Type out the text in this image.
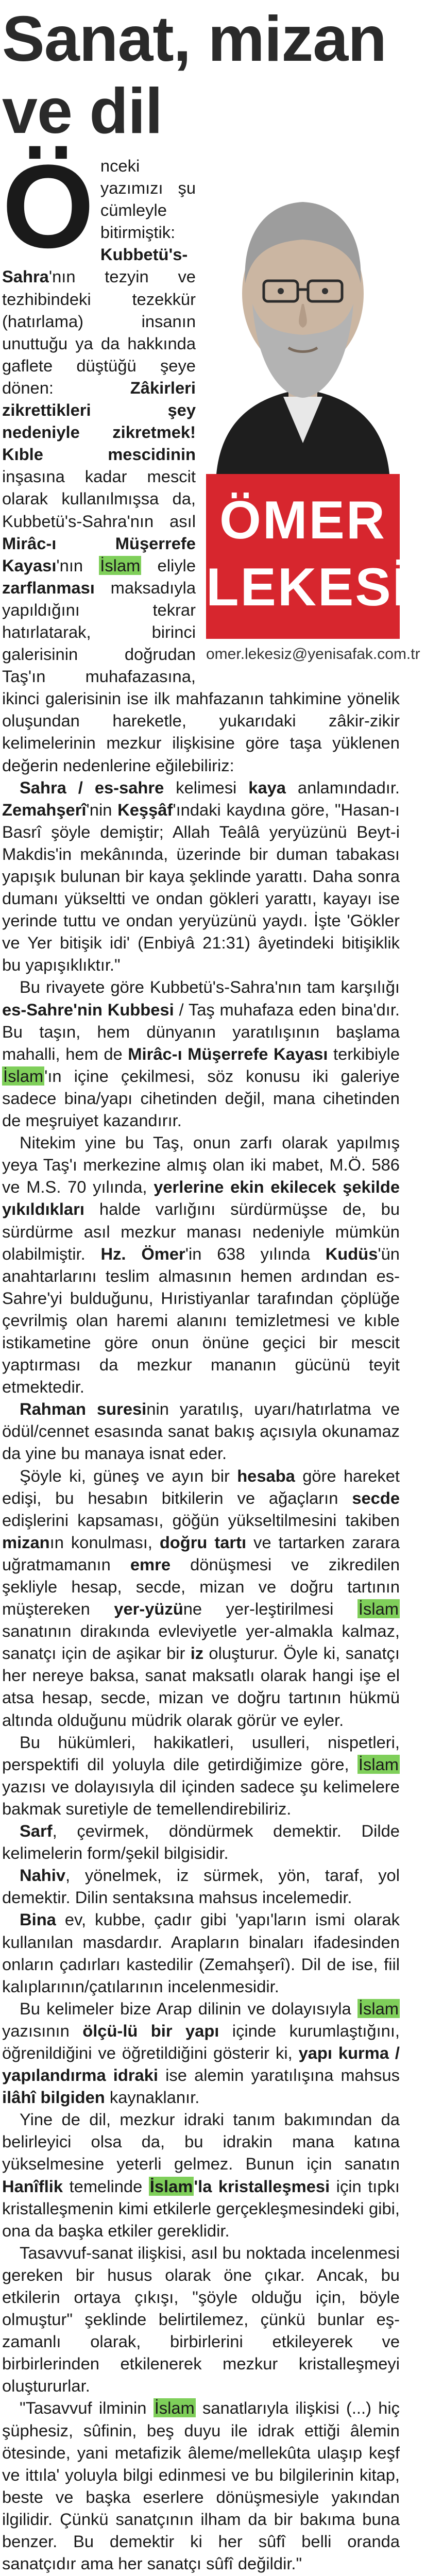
Sanat, mizan ve dil
ÖMER
LEKESİZ
omer.lekesiz@yenisafak.com.tr

Önceki yazımızı şu cümleyle bitirmiştik: Kubbetü's-Sahra'nın tezyin ve tezhibindeki tezekkür (hatırlama) insanın unuttuğu ya da hakkında gaflete düştüğü şeye dönen: Zâkirleri zikrettikleri şey nedeniyle zikretmek! Kıble mescidinin inşasına kadar mescit olarak kullanılmışsa da, Kubbetü's-Sahra'nın asıl Mirâc-ı Müşerrefe Kayası'nın İslam eliyle zarflanması maksadıyla yapıldığını tekrar hatırlatarak, birinci galerisinin doğrudan Taş'ın muhafazasına, ikinci galerisinin ise ilk mahfazanın tahkimine yönelik oluşundan hareketle, yukarıdaki zâkir-zikir kelimelerinin mezkur ilişkisine göre taşa yüklenen değerin nedenlerine eğilebiliriz:

Sahra / es-sahre kelimesi kaya anlamındadır. Zemahşerî'nin Keşşâf'ındaki kaydına göre, "Hasan-ı Basrî şöyle demiştir; Allah Teâlâ yeryüzünü Beyt-i Makdis'in mekânında, üzerinde bir duman tabakası yapışık bulunan bir kaya şeklinde yarattı. Daha sonra dumanı yükseltti ve ondan gökleri yarattı, kayayı ise yerinde tuttu ve ondan yeryüzünü yaydı. İşte 'Gökler ve Yer bitişik idi' (Enbiyâ 21:31) âyetindeki bitişiklik bu yapışıklıktır."

Bu rivayete göre Kubbetü's-Sahra'nın tam karşılığı es-Sahre'nin Kubbesi / Taş muhafaza eden bina'dır. Bu taşın, hem dünyanın yaratılışının başlama mahalli, hem de Mirâc-ı Müşerrefe Kayası terkibiyle İslam'ın içine çekilmesi, söz konusu iki galeriye sadece bina/yapı cihetinden değil, mana cihetinden de meşruiyet kazandırır.

Nitekim yine bu Taş, onun zarfı olarak yapılmış yeya Taş'ı merkezine almış olan iki mabet, M.Ö. 586 ve M.S. 70 yılında, yerlerine ekin ekilecek şekilde yıkıldıkları halde varlığını sürdürmüşse de, bu sürdürme asıl mezkur manası nedeniyle mümkün olabilmiştir. Hz. Ömer'in 638 yılında Kudüs'ün anahtarlarını teslim almasının hemen ardından es-Sahre'yi bulduğunu, Hıristiyanlar tarafından çöplüğe çevrilmiş olan haremi alanını temizletmesi ve kıble istikametine göre onun önüne geçici bir mescit yaptırması da mezkur mananın gücünü teyit etmektedir.

Rahman suresinin yaratılış, uyarı/hatırlatma ve ödül/cennet esasında sanat bakış açısıyla okunamaz da yine bu manaya isnat eder.

Şöyle ki, güneş ve ayın bir hesaba göre hareket edişi, bu hesabın bitkilerin ve ağaçların secde edişlerini kapsaması, göğün yükseltilmesini takiben mizanın konulması, doğru tartı ve tartarken zarara uğratmamanın emre dönüşmesi ve zikredilen şekliyle hesap, secde, mizan ve doğru tartının müştereken yer-yüzüne yer-leştirilmesi İslam sanatının dirakında evleviyetle yer-almakla kalmaz, sanatçı için de aşikar bir iz oluşturur. Öyle ki, sanatçı her nereye baksa, sanat maksatlı olarak hangi işe el atsa hesap, secde, mizan ve doğru tartının hükmü altında olduğunu müdrik olarak görür ve eyler.

Bu hükümleri, hakikatleri, usulleri, nispetleri, perspektifi dil yoluyla dile getirdiğimize göre, İslam yazısı ve dolayısıyla dil içinden sadece şu kelimelere bakmak suretiyle de temellendirebiliriz.

Sarf, çevirmek, döndürmek demektir. Dilde kelimelerin form/şekil bilgisidir.

Nahiv, yönelmek, iz sürmek, yön, taraf, yol demektir. Dilin sentaksına mahsus incelemedir.

Bina ev, kubbe, çadır gibi 'yapı'ların ismi olarak kullanılan masdardır. Arapların binaları ifadesinden onların çadırları kastedilir (Zemahşerî). Dil de ise, fiil kalıplarının/çatılarının incelenmesidir.

Bu kelimeler bize Arap dilinin ve dolayısıyla İslam yazısının ölçü-lü bir yapı içinde kurumlaştığını, öğrenildiğini ve öğretildiğini gösterir ki, yapı kurma / yapılandırma idraki ise alemin yaratılışına mahsus ilâhî bilgiden kaynaklanır.

Yine de dil, mezkur idraki tanım bakımından da belirleyici olsa da, bu idrakin mana katına yükselmesine yeterli gelmez. Bunun için sanatın Hanîflik temelinde İslam'la kristalleşmesi için tıpkı kristalleşmenin kimi etkilerle gerçekleşmesindeki gibi, ona da başka etkiler gereklidir.

Tasavvuf-sanat ilişkisi, asıl bu noktada incelenmesi gereken bir husus olarak öne çıkar. Ancak, bu etkilerin ortaya çıkışı, "şöyle olduğu için, böyle olmuştur" şeklinde belirtilemez, çünkü bunlar eş-zamanlı olarak, birbirlerini etkileyerek ve birbirlerinden etkilenerek mezkur kristalleşmeyi oluştururlar.

"Tasavvuf ilminin İslam sanatlarıyla ilişkisi (...) hiç şüphesiz, sûfinin, beş duyu ile idrak ettiği âlemin ötesinde, yani metafizik âleme/mellekûta ulaşıp keşf ve ittıla' yoluyla bilgi edinmesi ve bu bilgilerinin kitap, beste ve başka eserlere dönüşmesiyle yakından ilgilidir. Çünkü sanatçının ilham da bir bakıma buna benzer. Bu demektir ki her sûfî belli oranda sanatçıdır ama her sanatçı sûfî değildir."
